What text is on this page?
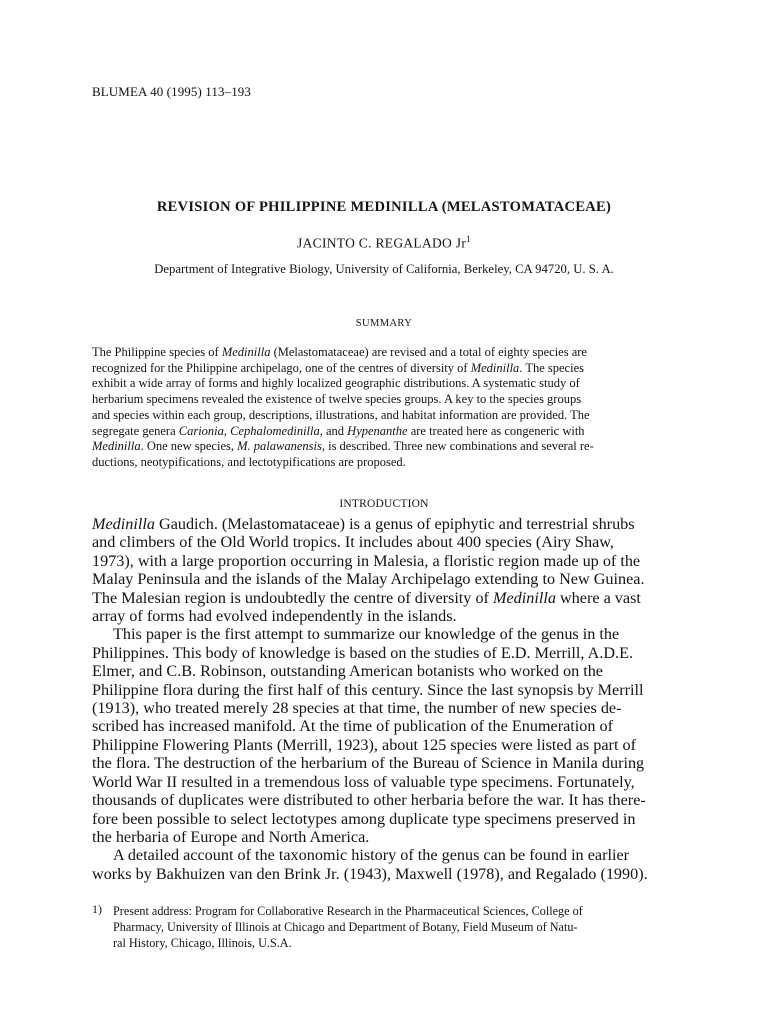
BLUMEA 40 (1995) 113–193
REVISION OF PHILIPPINE MEDINILLA (MELASTOMATACEAE)
JACINTO C. REGALADO Jr$^1$
Department of Integrative Biology, University of California, Berkeley, CA 94720, U. S. A.
SUMMARY
The Philippine species of Medinilla (Melastomataceae) are revised and a total of eighty species are
recognized for the Philippine archipelago, one of the centres of diversity of Medinilla. The species
exhibit a wide array of forms and highly localized geographic distributions. A systematic study of
herbarium specimens revealed the existence of twelve species groups. A key to the species groups
and species within each group, descriptions, illustrations, and habitat information are provided. The
segregate genera Carionia, Cephalomedinilla, and Hypenanthe are treated here as congeneric with
Medinilla. One new species, M. palawanensis, is described. Three new combinations and several re-
ductions, neotypifications, and lectotypifications are proposed.
INTRODUCTION
Medinilla Gaudich. (Melastomataceae) is a genus of epiphytic and terrestrial shrubs
and climbers of the Old World tropics. It includes about 400 species (Airy Shaw,
1973), with a large proportion occurring in Malesia, a floristic region made up of the
Malay Peninsula and the islands of the Malay Archipelago extending to New Guinea.
The Malesian region is undoubtedly the centre of diversity of Medinilla where a vast
array of forms had evolved independently in the islands.
This paper is the first attempt to summarize our knowledge of the genus in the
Philippines. This body of knowledge is based on the studies of E.D. Merrill, A.D.E.
Elmer, and C.B. Robinson, outstanding American botanists who worked on the
Philippine flora during the first half of this century. Since the last synopsis by Merrill
(1913), who treated merely 28 species at that time, the number of new species de-
scribed has increased manifold. At the time of publication of the Enumeration of
Philippine Flowering Plants (Merrill, 1923), about 125 species were listed as part of
the flora. The destruction of the herbarium of the Bureau of Science in Manila during
World War II resulted in a tremendous loss of valuable type specimens. Fortunately,
thousands of duplicates were distributed to other herbaria before the war. It has there-
fore been possible to select lectotypes among duplicate type specimens preserved in
the herbaria of Europe and North America.
A detailed account of the taxonomic history of the genus can be found in earlier
works by Bakhuizen van den Brink Jr. (1943), Maxwell (1978), and Regalado (1990).
1) Present address: Program for Collaborative Research in the Pharmaceutical Sciences, College of
Pharmacy, University of Illinois at Chicago and Department of Botany, Field Museum of Natu-
ral History, Chicago, Illinois, U.S.A.
